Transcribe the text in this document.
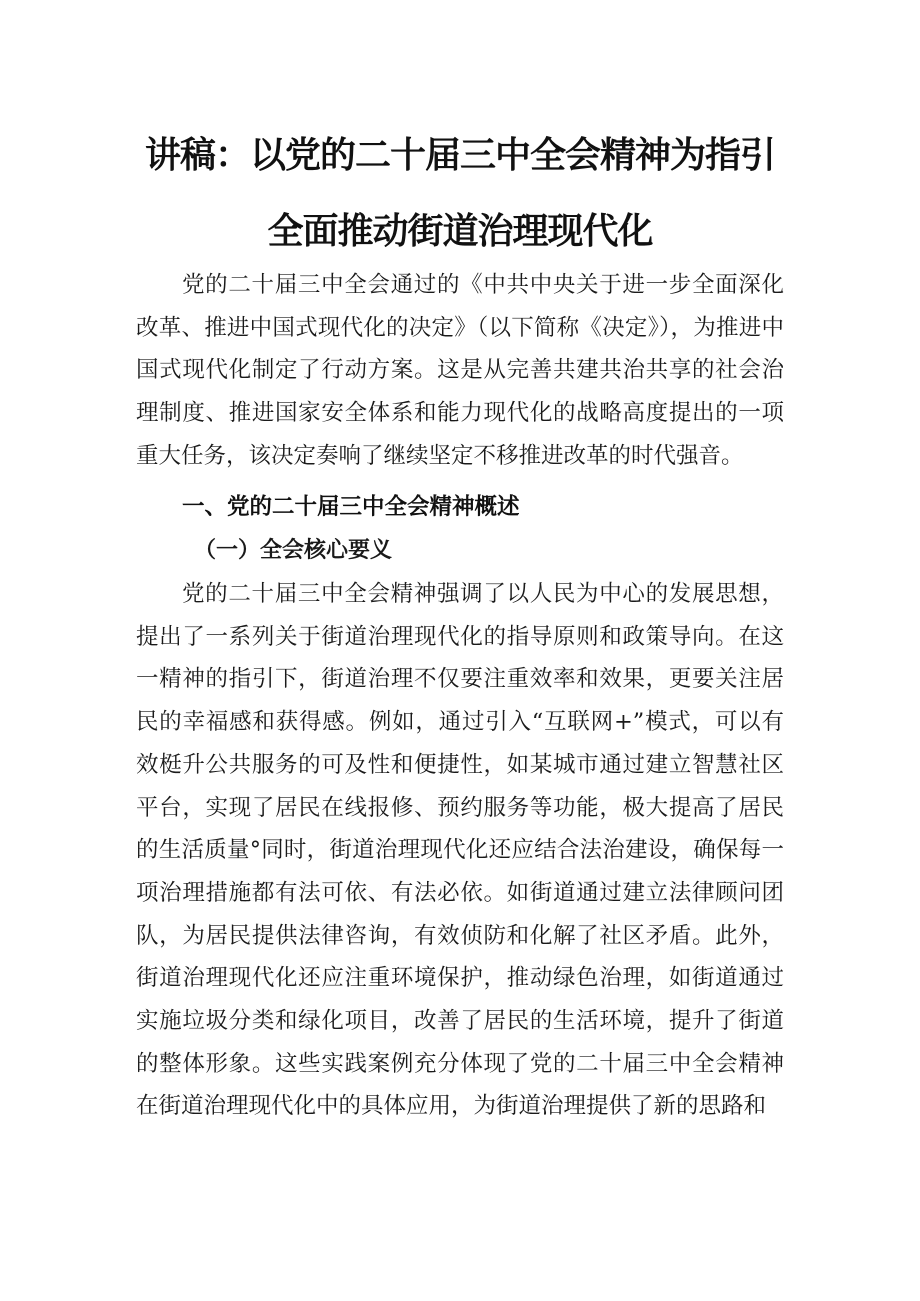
讲稿：以党的二十届三中全会精神为指引
全面推动街道治理现代化

党的二十届三中全会通过的《中共中央关于进一步全面深化改革、推进中国式现代化的决定》（以下简称《决定》），为推进中国式现代化制定了行动方案。这是从完善共建共治共享的社会治理制度、推进国家安全体系和能力现代化的战略高度提出的一项重大任务，该决定奏响了继续坚定不移推进改革的时代强音。

一、党的二十届三中全会精神概述
（一）全会核心要义

党的二十届三中全会精神强调了以人民为中心的发展思想，提出了一系列关于街道治理现代化的指导原则和政策导向。在这一精神的指引下，街道治理不仅要注重效率和效果，更要关注居民的幸福感和获得感。例如，通过引入“互联网+”模式，可以有效梃升公共服务的可及性和便捷性，如某城市通过建立智慧社区平台，实现了居民在线报修、预约服务等功能，极大提高了居民的生活质量°同时，街道治理现代化还应结合法治建设，确保每一项治理措施都有法可依、有法必依。如街道通过建立法律顾问团队，为居民提供法律咨询，有效侦防和化解了社区矛盾。此外，街道治理现代化还应注重环境保护，推动绿色治理，如街道通过实施垃圾分类和绿化项目，改善了居民的生活环境，提升了街道的整体形象。这些实践案例充分体现了党的二十届三中全会精神在街道治理现代化中的具体应用，为街道治理提供了新的思路和
